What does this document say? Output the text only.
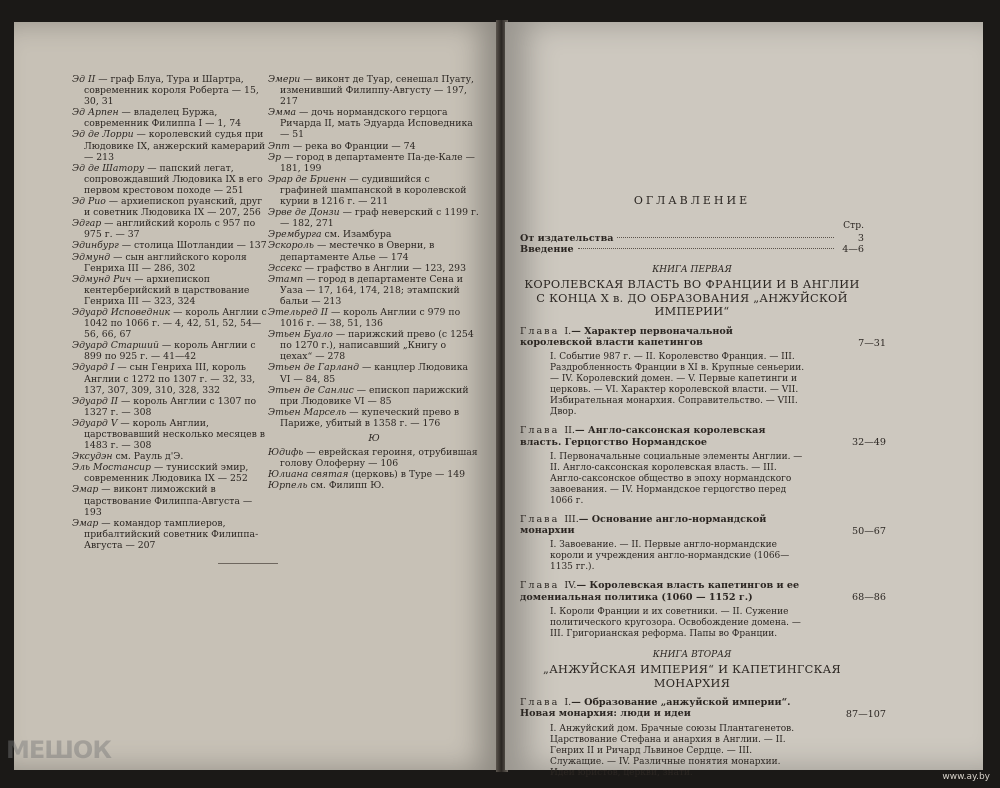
Эд II — граф Блуа, Тура и Шартра, современник короля Роберта — 15, 30, 31
Эд Арпен — владелец Буржа, современник Филиппа I — 1, 74
Эд де Лорри — королевский судья при Людовике IX, анжерский камерарий — 213
Эд де Шатору — папский легат, сопровождавший Людовика IX в его первом крестовом походе — 251
Эд Рио — архиепископ руанский, друг и советник Людовика IX — 207, 256
Эдгар — английский король с 957 по 975 г. — 37
Эдинбург — столица Шотландии — 137
Эдмунд — сын английского короля Генриха III — 286, 302
Эдмунд Рич — архиепископ кентерберийский в царствование Генриха III — 323, 324
Эдуард Исповедник — король Англии с 1042 по 1066 г. — 4, 42, 51, 52, 54—56, 66, 67
Эдуард Старший — король Англии с 899 по 925 г. — 41—42
Эдуард I — сын Генриха III, король Англии с 1272 по 1307 г. — 32, 33, 137, 307, 309, 310, 328, 332
Эдуард II — король Англии с 1307 по 1327 г. — 308
Эдуард V — король Англии, царствовавший несколько месяцев в 1483 г. — 308
Эксудэн см. Рауль д'Э.
Эль Мостансир — тунисский эмир, современник Людовика IX — 252
Эмар — виконт лиможский в царствование Филиппа-Августа — 193
Эмар — командор тамплиеров, прибалтийский советник Филиппа-Августа — 207
Эмери — виконт де Туар, сенешал Пуату, изменивший Филиппу-Августу — 197, 217
Эмма — дочь нормандского герцога Ричарда II, мать Эдуарда Исповедника — 51
Эпт — река во Франции — 74
Эр — город в департаменте Па-де-Кале — 181, 199
Эрар де Бриенн — судившийся с графиней шампанской в королевской курии в 1216 г. — 211
Эрве де Донзи — граф неверский с 1199 г. — 182, 271
Эрембурга см. Изамбура
Эскороль — местечко в Оверни, в департаменте Алье — 174
Эссекс — графство в Англии — 123, 293
Этамп — город в департаменте Сена и Уаза — 17, 164, 174, 218; этампский бальи — 213
Этельред II — король Англии с 979 по 1016 г. — 38, 51, 136
Этьен Буало — парижский прево (с 1254 по 1270 г.), написавший „Книгу о цехах“ — 278
Этьен де Гарланд — канцлер Людовика VI — 84, 85
Этьен де Санлис — епископ парижский при Людовике VI — 85
Этьен Марсель — купеческий прево в Париже, убитый в 1358 г. — 176
Ю
Юдифь — еврейская героиня, отрубившая голову Олоферну — 106
Юлиана святая (церковь) в Туре — 149
Юрпель см. Филипп Ю.
ОГЛАВЛЕНИЕ
Стр.
От издательства	3
Введение	4—6
КНИГА ПЕРВАЯ
КОРОЛЕВСКАЯ ВЛАСТЬ ВО ФРАНЦИИ И В АНГЛИИ С КОНЦА X в. ДО ОБРАЗОВАНИЯ „АНЖУЙСКОЙ ИМПЕРИИ“
Глава I.— Характер первоначальной королевской власти капетингов	7—31
I. Событие 987 г. — II. Королевство Франция. — III. Раздробленность Франции в XI в. Крупные сеньерии. — IV. Королевский домен. — V. Первые капетинги и церковь. — VI. Характер королевской власти. — VII. Избирательная монархия. Соправительство. — VIII. Двор.
Глава II.— Англо-саксонская королевская власть. Герцогство Нормандское	32—49
I. Первоначальные социальные элементы Англии. — II. Англо-саксонская королевская власть. — III. Англо-саксонское общество в эпоху нормандского завоевания. — IV. Нормандское герцогство перед 1066 г.
Глава III.— Основание англо-нормандской монархии	50—67
I. Завоевание. — II. Первые англо-нормандские короли и учреждения англо-нормандские (1066—1135 гг.).
Глава IV.— Королевская власть капетингов и ее домениальная политика (1060 — 1152 г.)	68—86
I. Короли Франции и их советники. — II. Сужение политического кругозора. Освобождение домена. — III. Григорианская реформа. Папы во Франции.
КНИГА ВТОРАЯ
„АНЖУЙСКАЯ ИМПЕРИЯ“ И КАПЕТИНГСКАЯ МОНАРХИЯ
Глава I.— Образование „анжуйской империи“. Новая монархия: люди и идеи	87—107
I. Анжуйский дом. Брачные союзы Плантагенетов. Царствование Стефана и анархия в Англии. — II. Генрих II и Ричард Львиное Сердце. — III. Служащие. — IV. Различные понятия монархии. Идеи юристов, церкви, знати.
МЕШОК
www.ay.by
